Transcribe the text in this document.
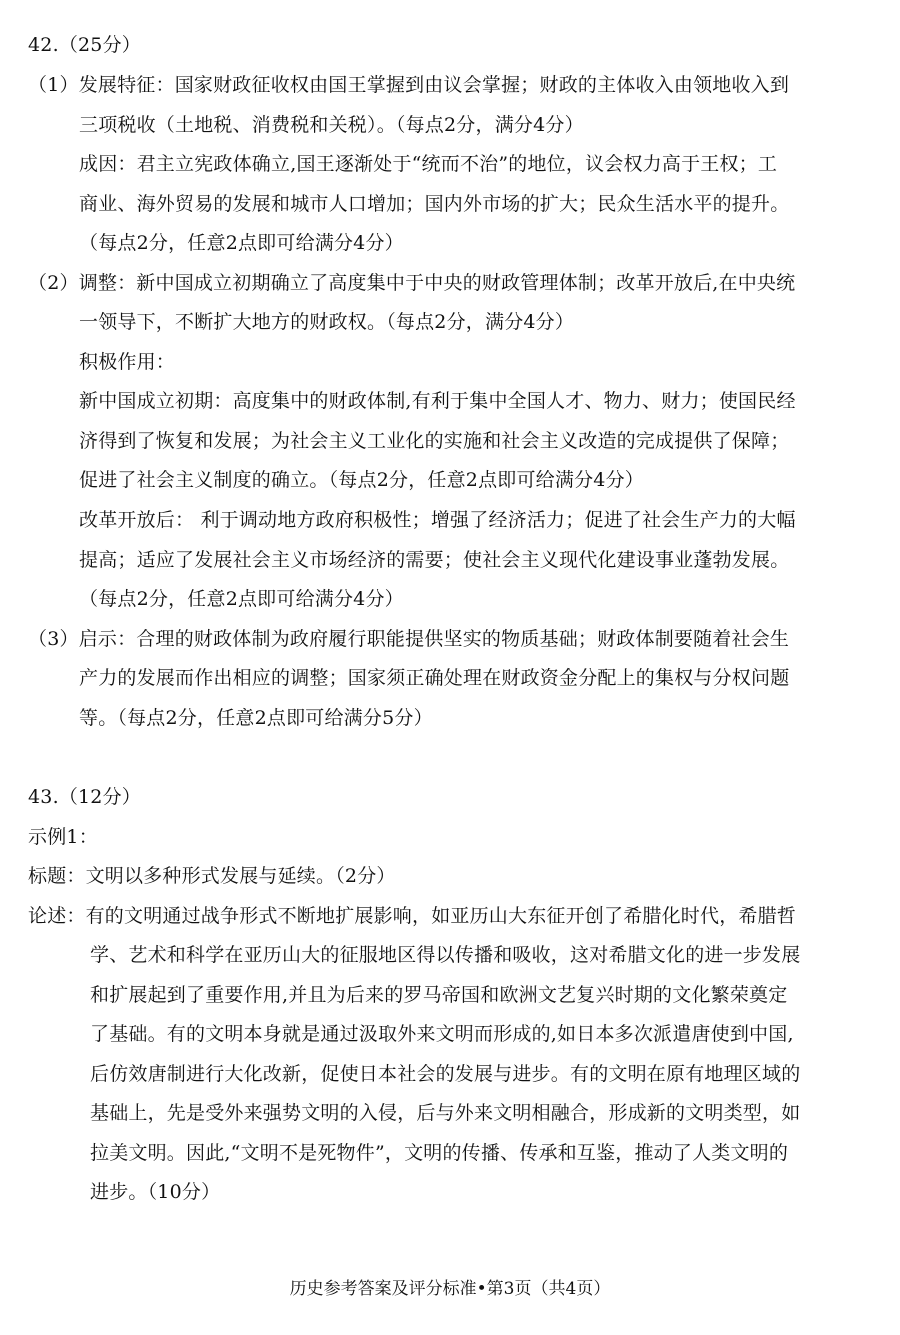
42.（25分）
（1）发展特征：国家财政征收权由国王掌握到由议会掌握；财政的主体收入由领地收入到
三项税收（土地税、消费税和关税）。（每点2分，满分4分）
成因：君主立宪政体确立,国王逐渐处于“统而不治”的地位，议会权力高于王权；工
商业、海外贸易的发展和城市人口增加；国内外市场的扩大；民众生活水平的提升。
（每点2分，任意2点即可给满分4分）
（2）调整：新中国成立初期确立了高度集中于中央的财政管理体制；改革开放后,在中央统
一领导下，不断扩大地方的财政权。（每点2分，满分4分）
积极作用：
新中国成立初期：高度集中的财政体制,有利于集中全国人才、物力、财力；使国民经
济得到了恢复和发展；为社会主义工业化的实施和社会主义改造的完成提供了保障；
促进了社会主义制度的确立。（每点2分，任意2点即可给满分4分）
改革开放后： 利于调动地方政府积极性；增强了经济活力；促进了社会生产力的大幅
提高；适应了发展社会主义市场经济的需要；使社会主义现代化建设事业蓬勃发展。
（每点2分，任意2点即可给满分4分）
（3）启示：合理的财政体制为政府履行职能提供坚实的物质基础；财政体制要随着社会生
产力的发展而作出相应的调整；国家须正确处理在财政资金分配上的集权与分权问题
等。（每点2分，任意2点即可给满分5分）
43.（12分）
示例1：
标题：文明以多种形式发展与延续。（2分）
论述：有的文明通过战争形式不断地扩展影响，如亚历山大东征开创了希腊化时代，希腊哲
学、艺术和科学在亚历山大的征服地区得以传播和吸收，这对希腊文化的进一步发展
和扩展起到了重要作用,并且为后来的罗马帝国和欧洲文艺复兴时期的文化繁荣奠定
了基础。有的文明本身就是通过汲取外来文明而形成的,如日本多次派遣唐使到中国,
后仿效唐制进行大化改新，促使日本社会的发展与进步。有的文明在原有地理区域的
基础上，先是受外来强势文明的入侵，后与外来文明相融合，形成新的文明类型，如
拉美文明。因此,“文明不是死物件”，文明的传播、传承和互鉴，推动了人类文明的
进步。（10分）
历史参考答案及评分标准•第3页（共4页）
